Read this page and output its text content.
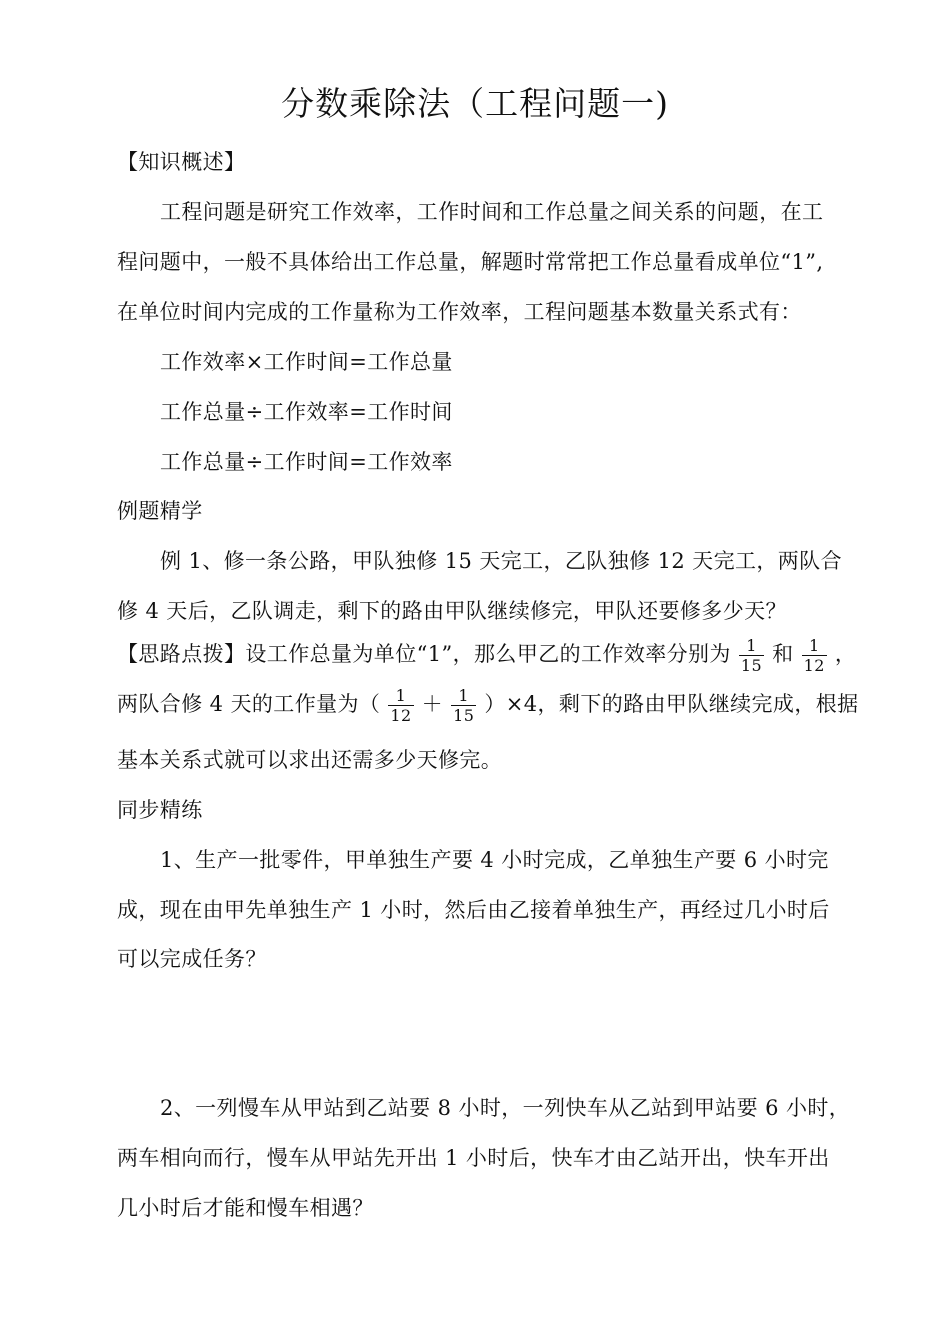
分数乘除法（工程问题一)
【知识概述】
工程问题是研究工作效率，工作时间和工作总量之间关系的问题，在工
程问题中，一般不具体给出工作总量，解题时常常把工作总量看成单位“1”,
在单位时间内完成的工作量称为工作效率，工程问题基本数量关系式有：
工作效率×工作时间=工作总量
工作总量÷工作效率=工作时间
工作总量÷工作时间=工作效率
例题精学
例 1、修一条公路，甲队独修 15 天完工，乙队独修 12 天完工，两队合
修 4 天后，乙队调走，剩下的路由甲队继续修完，甲队还要修多少天？
【思路点拨】设工作总量为单位“1”，那么甲乙的工作效率分别为 $\frac{1}{15}$ 和 $\frac{1}{12}$ ，
两队合修 4 天的工作量为（ $\frac{1}{12} + \frac{1}{15} )\times 4$，剩下的路由甲队继续完成，根据
基本关系式就可以求出还需多少天修完。
同步精练
1、生产一批零件，甲单独生产要 4 小时完成，乙单独生产要 6 小时完
成，现在由甲先单独生产 1 小时，然后由乙接着单独生产，再经过几小时后
可以完成任务？
2、一列慢车从甲站到乙站要 8 小时，一列快车从乙站到甲站要 6 小时，
两车相向而行，慢车从甲站先开出 1 小时后，快车才由乙站开出，快车开出
几小时后才能和慢车相遇？
